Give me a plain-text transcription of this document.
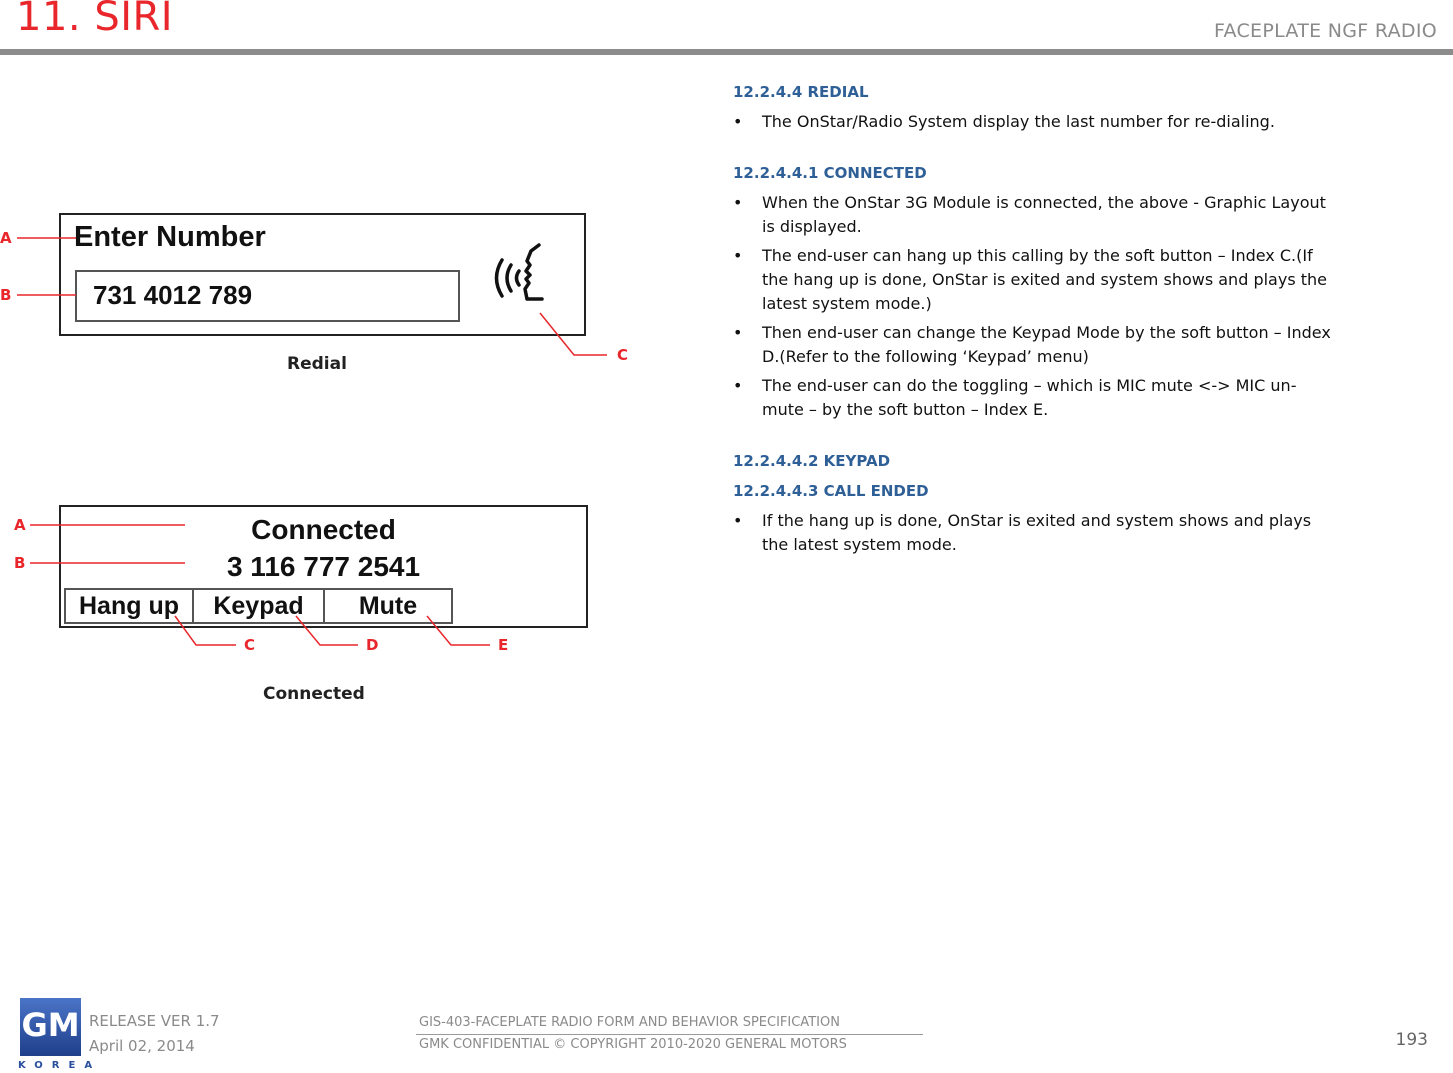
11. SIRI	FACEPLATE NGF RADIO
Enter Number
731 4012 789
A
B
C
Redial
Connected
3 116 777 2541
Hang up	Keypad	Mute
A
B
C	D	E
Connected
12.2.4.4 REDIAL
• The OnStar/Radio System display the last number for re-dialing.
12.2.4.4.1 CONNECTED
• When the OnStar 3G Module is connected, the above - Graphic Layout is displayed.
• The end-user can hang up this calling by the soft button – Index C.(If the hang up is done, OnStar is exited and system shows and plays the latest system mode.)
• Then end-user can change the Keypad Mode by the soft button – Index D.(Refer to the following ‘Keypad’ menu)
• The end-user can do the toggling – which is MIC mute <-> MIC un-mute – by the soft button – Index E.
12.2.4.4.2 KEYPAD
12.2.4.4.3 CALL ENDED
• If the hang up is done, OnStar is exited and system shows and plays the latest system mode.
GM
KOREA
RELEASE VER 1.7
April 02, 2014
GIS-403-FACEPLATE RADIO FORM AND BEHAVIOR SPECIFICATION
GMK CONFIDENTIAL © COPYRIGHT 2010-2020 GENERAL MOTORS	193
